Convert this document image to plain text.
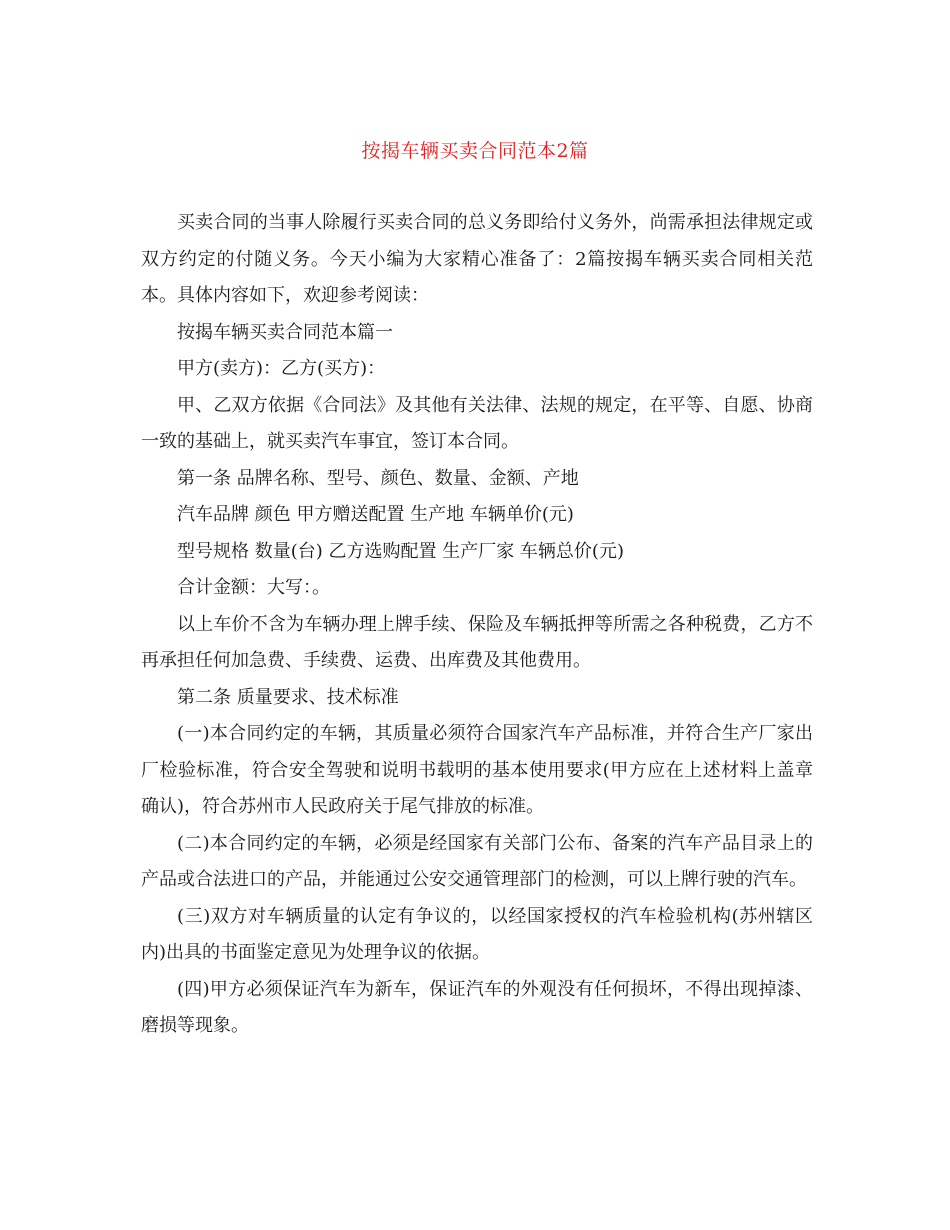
按揭车辆买卖合同范本2篇

买卖合同的当事人除履行买卖合同的总义务即给付义务外，尚需承担法律规定或双方约定的付随义务。今天小编为大家精心准备了：2篇按揭车辆买卖合同相关范本。具体内容如下，欢迎参考阅读：

按揭车辆买卖合同范本篇一

甲方(卖方)：乙方(买方)：

甲、乙双方依据《合同法》及其他有关法律、法规的规定，在平等、自愿、协商一致的基础上，就买卖汽车事宜，签订本合同。

第一条 品牌名称、型号、颜色、数量、金额、产地

汽车品牌 颜色 甲方赠送配置 生产地 车辆单价(元)

型号规格 数量(台) 乙方选购配置 生产厂家 车辆总价(元)

合计金额：大写：。

以上车价不含为车辆办理上牌手续、保险及车辆抵押等所需之各种税费，乙方不再承担任何加急费、手续费、运费、出库费及其他费用。

第二条 质量要求、技术标准

(一)本合同约定的车辆，其质量必须符合国家汽车产品标准，并符合生产厂家出厂检验标准，符合安全驾驶和说明书载明的基本使用要求(甲方应在上述材料上盖章确认)，符合苏州市人民政府关于尾气排放的标准。

(二)本合同约定的车辆，必须是经国家有关部门公布、备案的汽车产品目录上的产品或合法进口的产品，并能通过公安交通管理部门的检测，可以上牌行驶的汽车。

(三)双方对车辆质量的认定有争议的，以经国家授权的汽车检验机构(苏州辖区内)出具的书面鉴定意见为处理争议的依据。

(四)甲方必须保证汽车为新车，保证汽车的外观没有任何损坏，不得出现掉漆、磨损等现象。
